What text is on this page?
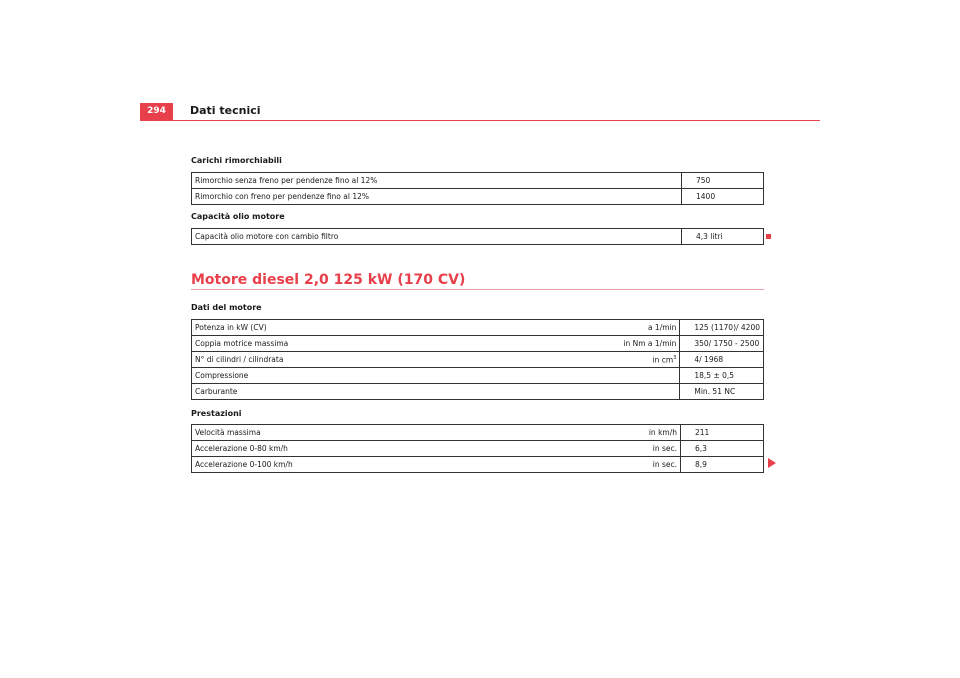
294	Dati tecnici
Carichi rimorchiabili
Rimorchio senza freno per pendenze fino al 12%	750
Rimorchio con freno per pendenze fino al 12%	1400
Capacità olio motore
Capacità olio motore con cambio filtro	4,3 litri
Motore diesel 2,0 125 kW (170 CV)
Dati del motore
Potenza in kW (CV)	a 1/min	125 (1170)/ 4200
Coppia motrice massima	in Nm a 1/min	350/ 1750 - 2500
N° di cilindri / cilindrata	in $cm^3$	4/ 1968
Compressione		18,5 ± 0,5
Carburante		Min. 51 NC
Prestazioni
Velocità massima	in km/h	211
Accelerazione 0-80 km/h	in sec.	6,3
Accelerazione 0-100 km/h	in sec.	8,9
